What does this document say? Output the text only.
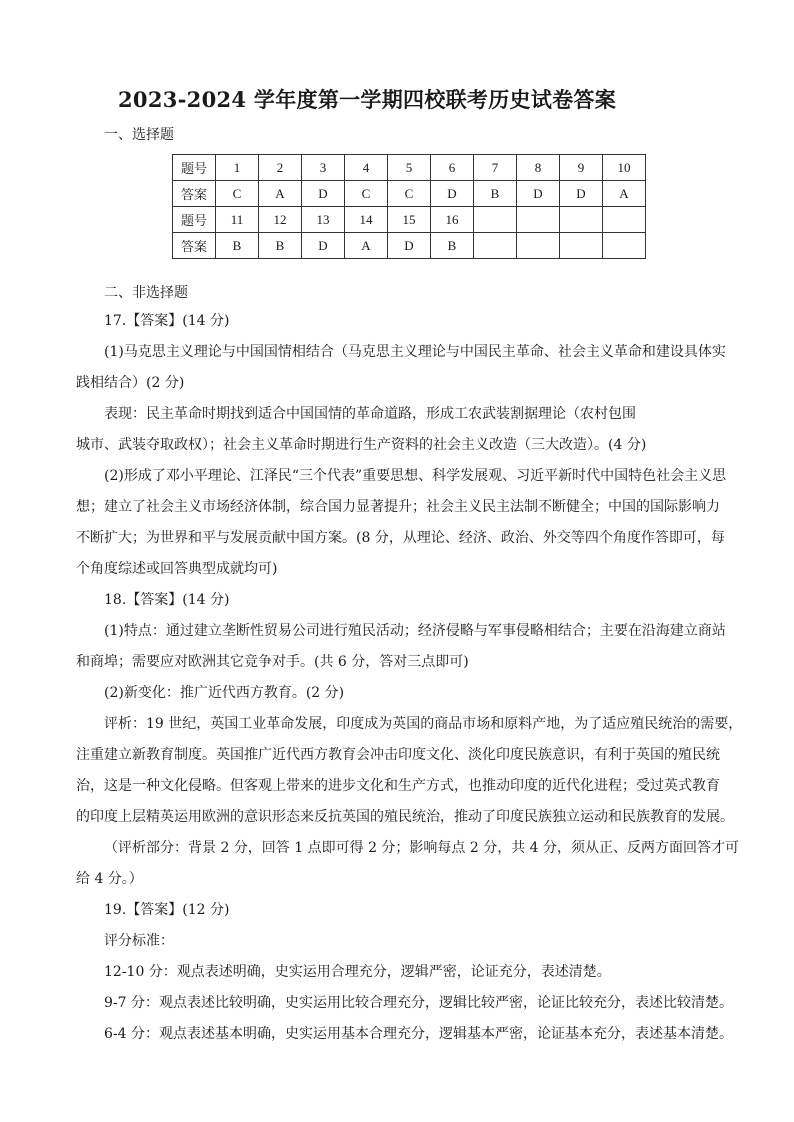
2023-2024 学年度第一学期四校联考历史试卷答案
一、选择题
题号	1	2	3	4	5	6	7	8	9	10
答案	C	A	D	C	C	D	B	D	D	A
题号	11	12	13	14	15	16				
答案	B	B	D	A	D	B				
二、非选择题
17.【答案】(14 分)
(1)马克思主义理论与中国国情相结合（马克思主义理论与中国民主革命、社会主义革命和建设具体实
践相结合）(2 分)
表现：民主革命时期找到适合中国国情的革命道路，形成工农武装割据理论（农村包围
城市、武装夺取政权）；社会主义革命时期进行生产资料的社会主义改造（三大改造）。(4 分)
(2)形成了邓小平理论、江泽民“三个代表”重要思想、科学发展观、习近平新时代中国特色社会主义思
想；建立了社会主义市场经济体制，综合国力显著提升；社会主义民主法制不断健全；中国的国际影响力
不断扩大；为世界和平与发展贡献中国方案。(8 分，从理论、经济、政治、外交等四个角度作答即可，每
个角度综述或回答典型成就均可)
18.【答案】(14 分)
(1)特点：通过建立垄断性贸易公司进行殖民活动；经济侵略与军事侵略相结合；主要在沿海建立商站
和商埠；需要应对欧洲其它竞争对手。(共 6 分，答对三点即可)
(2)新变化：推广近代西方教育。(2 分)
评析：19 世纪，英国工业革命发展，印度成为英国的商品市场和原料产地，为了适应殖民统治的需要，
注重建立新教育制度。英国推广近代西方教育会冲击印度文化、淡化印度民族意识，有利于英国的殖民统
治，这是一种文化侵略。但客观上带来的进步文化和生产方式，也推动印度的近代化进程；受过英式教育
的印度上层精英运用欧洲的意识形态来反抗英国的殖民统治，推动了印度民族独立运动和民族教育的发展。
（评析部分：背景 2 分，回答 1 点即可得 2 分；影响每点 2 分，共 4 分，须从正、反两方面回答才可
给 4 分。）
19.【答案】(12 分)
评分标准：
12-10 分：观点表述明确，史实运用合理充分，逻辑严密，论证充分，表述清楚。
9-7 分：观点表述比较明确，史实运用比较合理充分，逻辑比较严密，论证比较充分，表述比较清楚。
6-4 分：观点表述基本明确，史实运用基本合理充分，逻辑基本严密，论证基本充分，表述基本清楚。
